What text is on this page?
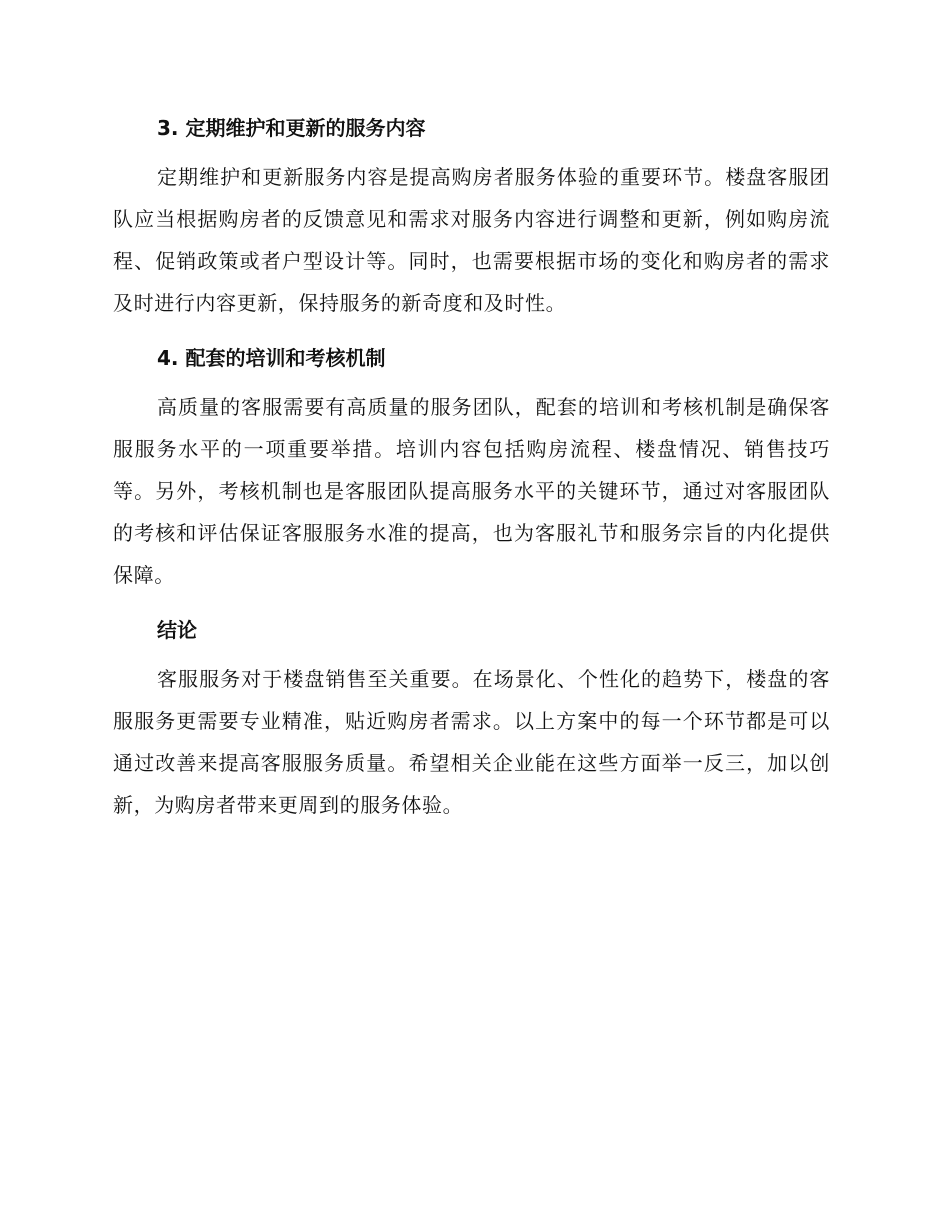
3. 定期维护和更新的服务内容

定期维护和更新服务内容是提高购房者服务体验的重要环节。楼盘客服团队应当根据购房者的反馈意见和需求对服务内容进行调整和更新，例如购房流程、促销政策或者户型设计等。同时，也需要根据市场的变化和购房者的需求及时进行内容更新，保持服务的新奇度和及时性。

4. 配套的培训和考核机制

高质量的客服需要有高质量的服务团队，配套的培训和考核机制是确保客服服务水平的一项重要举措。培训内容包括购房流程、楼盘情况、销售技巧等。另外，考核机制也是客服团队提高服务水平的关键环节，通过对客服团队的考核和评估保证客服服务水准的提高，也为客服礼节和服务宗旨的内化提供保障。

结论

客服服务对于楼盘销售至关重要。在场景化、个性化的趋势下，楼盘的客服服务更需要专业精准，贴近购房者需求。以上方案中的每一个环节都是可以通过改善来提高客服服务质量。希望相关企业能在这些方面举一反三，加以创新，为购房者带来更周到的服务体验。
